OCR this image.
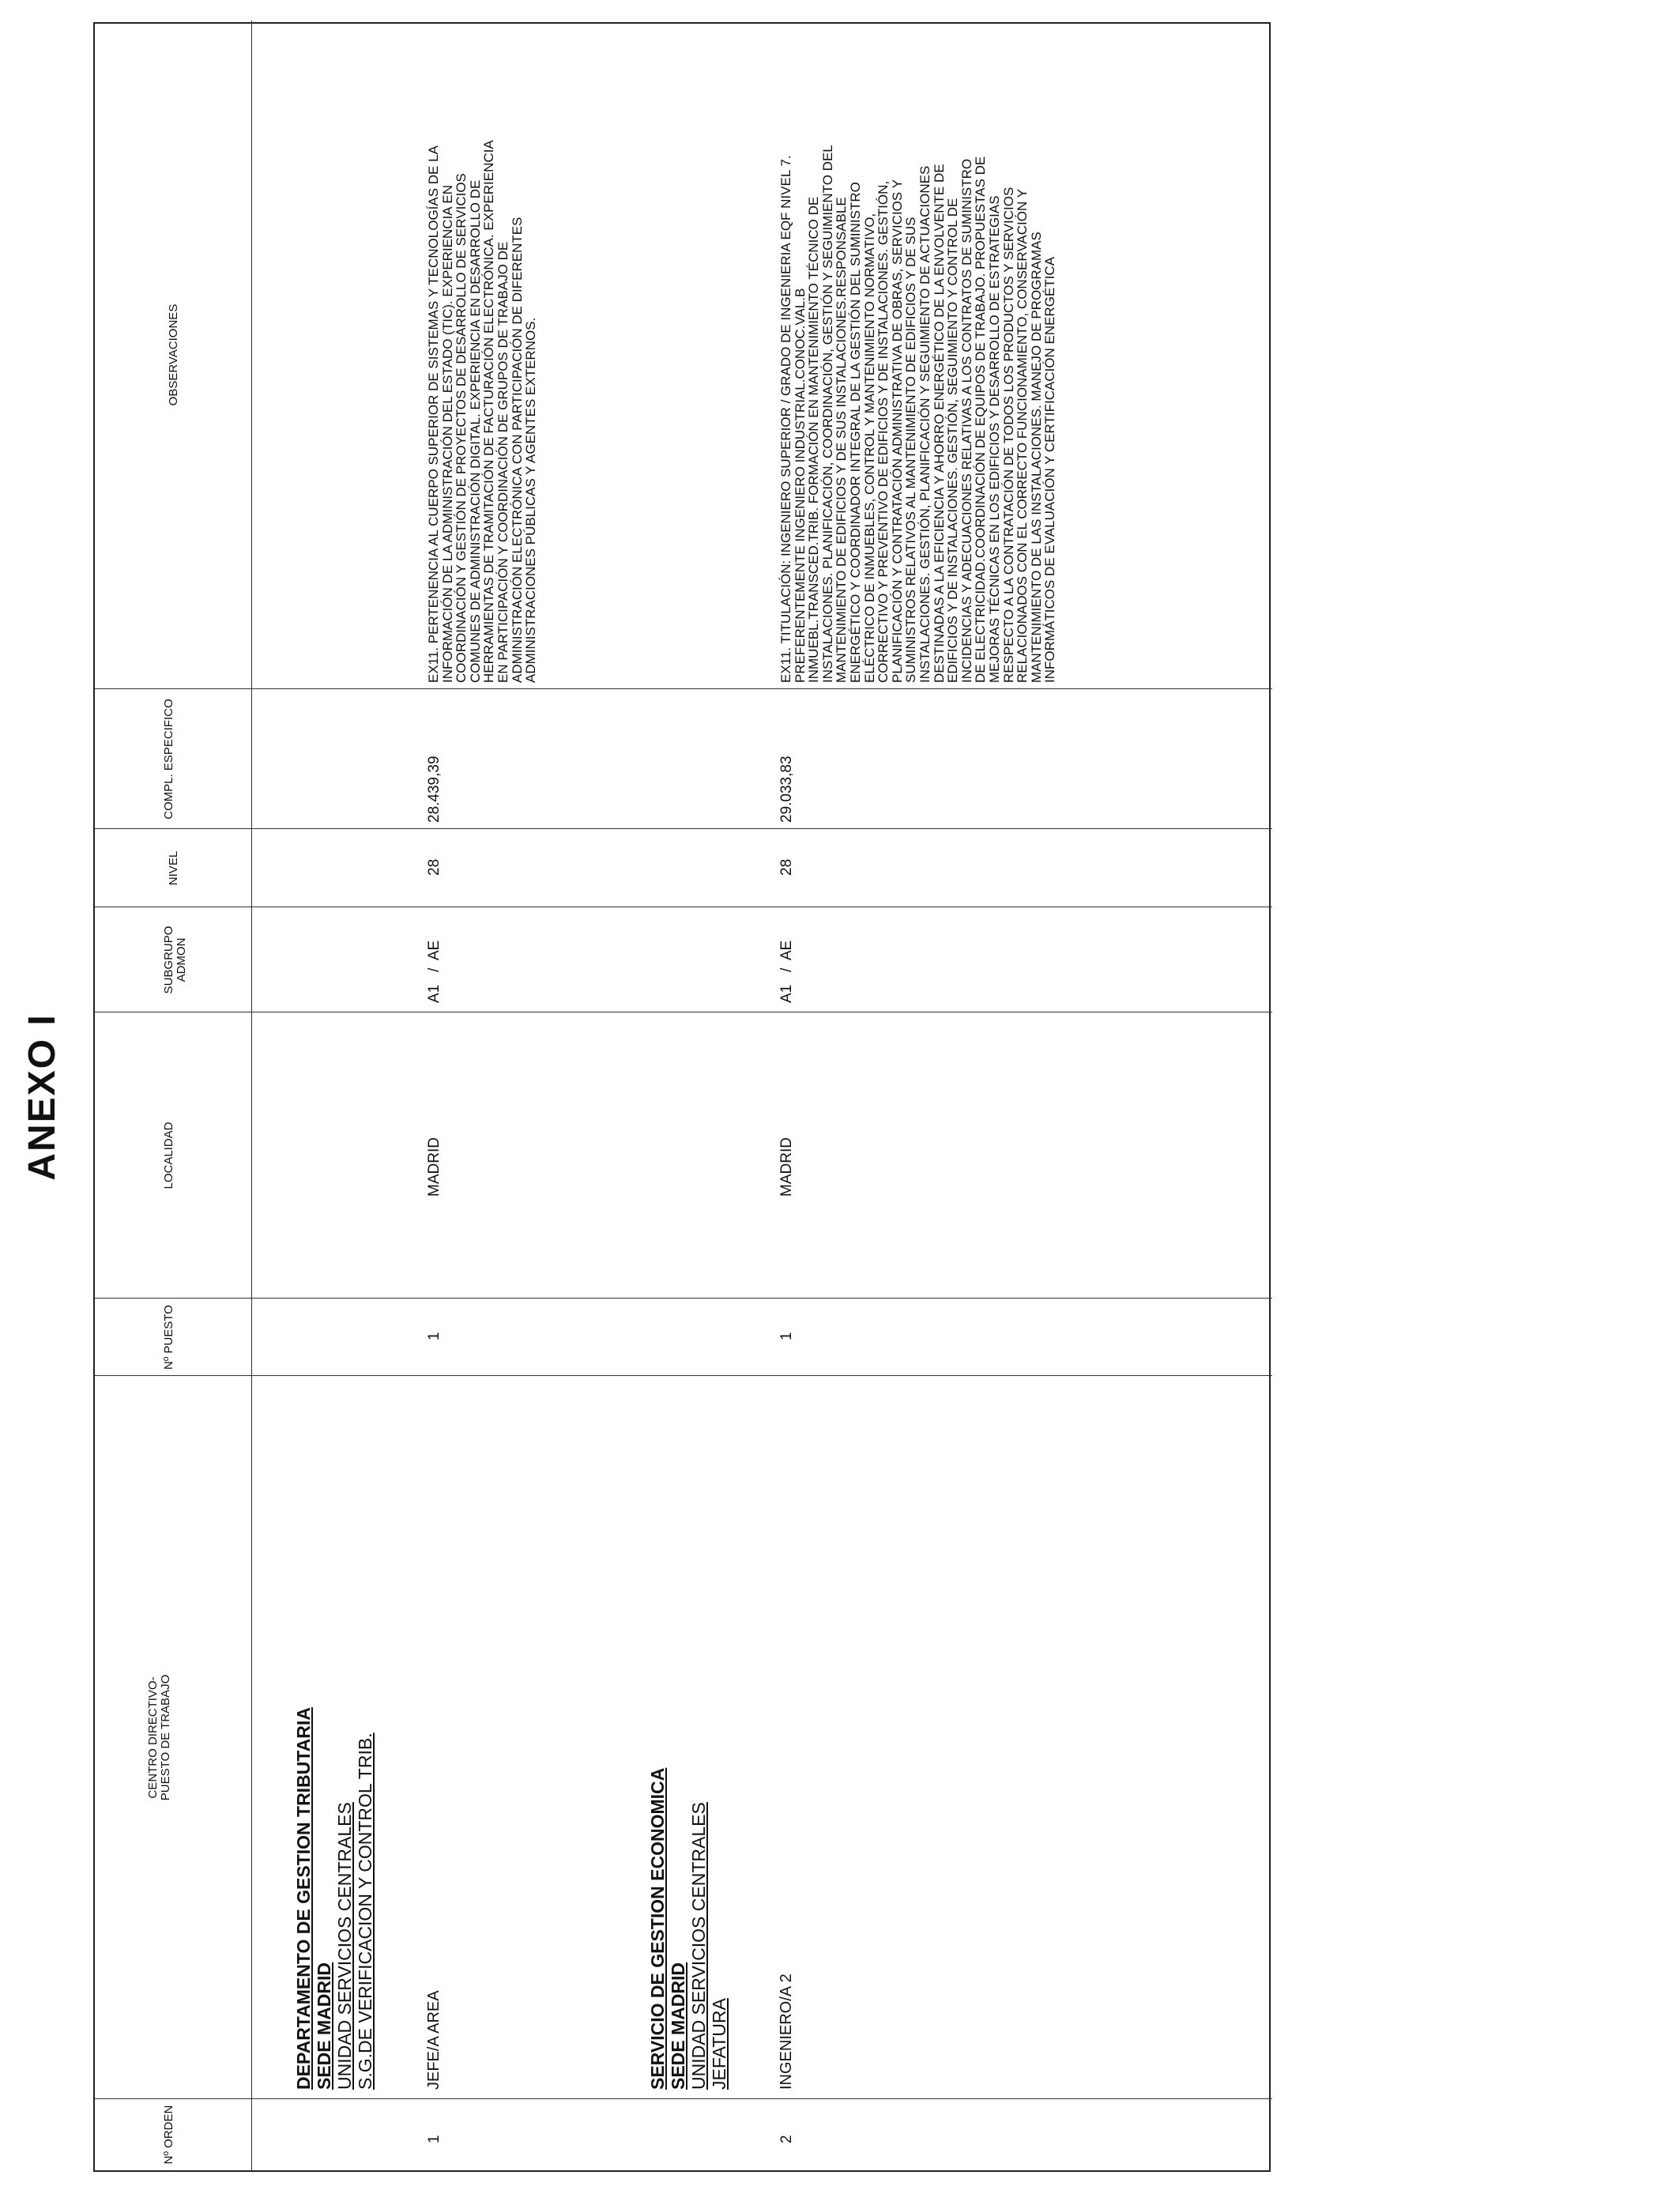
ANEXO I
Nº ORDEN
CENTRO DIRECTIVO-
PUESTO DE TRABAJO
Nº PUESTO
LOCALIDAD
SUBGRUPO ADMON
NIVEL
COMPL. ESPECIFICO
OBSERVACIONES
DEPARTAMENTO DE GESTION TRIBUTARIA SEDE MADRID UNIDAD SERVICIOS CENTRALES S.G.DE VERIFICACION Y CONTROL TRIB.
1
JEFE/A AREA
1
MADRID
A1   /  AE
28
28.439,39
EX11. PERTENENCIA AL CUERPO SUPERIOR DE SISTEMAS Y TECNOLOGÍAS DE LA INFORMACIÓN DE LA ADMINISTRACIÓN DEL ESTADO (TIC). EXPERIENCIA EN COORDINACIÓN Y GESTIÓN DE PROYECTOS DE DESARROLLO DE SERVICIOS COMUNES DE ADMINISTRACIÓN DIGITAL. EXPERIENCIA EN DESARROLLO DE HERRAMIENTAS DE TRAMITACIÓN DE FACTURACIÓN ELECTRÓNICA. EXPERIENCIA EN PARTICIPACIÓN Y COORDINACIÓN DE GRUPOS DE TRABAJO DE ADMINISTRACIÓN ELECTRÓNICA CON PARTICIPACIÓN DE DIFERENTES ADMINISTRACIONES PÚBLICAS Y AGENTES EXTERNOS.
SERVICIO DE GESTION ECONOMICA SEDE MADRID UNIDAD SERVICIOS CENTRALES JEFATURA
2
INGENIERO/A 2
1
MADRID
A1   /  AE
28
29.033,83
EX11. TITULACIÓN: INGENIERO SUPERIOR / GRADO DE INGENIERIA EQF NIVEL 7. PREFERENTEMENTE INGENIERO INDUSTRIAL.CONOC.VAL.B INMUEBL.TRANSCED.TRIB. FORMACIÓN EN MANTENIMIENTO TÉCNICO DE INSTALACIONES. PLANIFICACIÓN, COORDINACIÓN, GESTIÓN Y SEGUIMIENTO DEL MANTENIMIENTO DE EDIFICIOS Y DE SUS INSTALACIONES.RESPONSABLE ENERGÉTICO Y COORDINADOR INTEGRAL DE LA GESTIÓN DEL SUMINISTRO ELÉCTRICO DE INMUEBLES, CONTROL Y MANTENIMIENTO NORMATIVO, CORRECTIVO Y PREVENTIVO DE EDIFICIOS Y DE INSTALACIONES. GESTIÓN, PLANIFICACIÓN Y CONTRATACIÓN ADMINISTRATIVA DE OBRAS, SERVICIOS Y SUMINISTROS RELATIVOS AL MANTENIMIENTO DE EDIFICIOS Y DE SUS INSTALACIONES. GESTIÓN, PLANIFICACIÓN Y SEGUIMIENTO DE ACTUACIONES DESTINADAS A LA EFICIENCIA Y AHORRO ENERGÉTICO DE LA ENVOLVENTE DE EDIFICIOS Y DE INSTALACIONES. GESTIÓN, SEGUIMIENTO Y CONTROL DE INCIDENCIAS Y ADECUACIONES RELATIVAS A LOS CONTRATOS DE SUMINISTRO DE ELECTRICIDAD.COORDINACIÓN DE EQUIPOS DE TRABAJO. PROPUESTAS DE MEJORAS TÉCNICAS EN LOS EDIFICIOS Y DESARROLLO DE ESTRATEGIAS RESPECTO A LA CONTRATACIÓN DE TODOS LOS PRODUCTOS Y SERVICIOS RELACIONADOS CON EL CORRECTO FUNCIONAMIENTO, CONSERVACIÓN Y MANTENIMIENTO DE LAS INSTALACIONES. MANEJO DE PROGRAMAS INFORMÁTICOS DE EVALUACIÓN Y CERTIFICACIÓN ENERGÉTICA
